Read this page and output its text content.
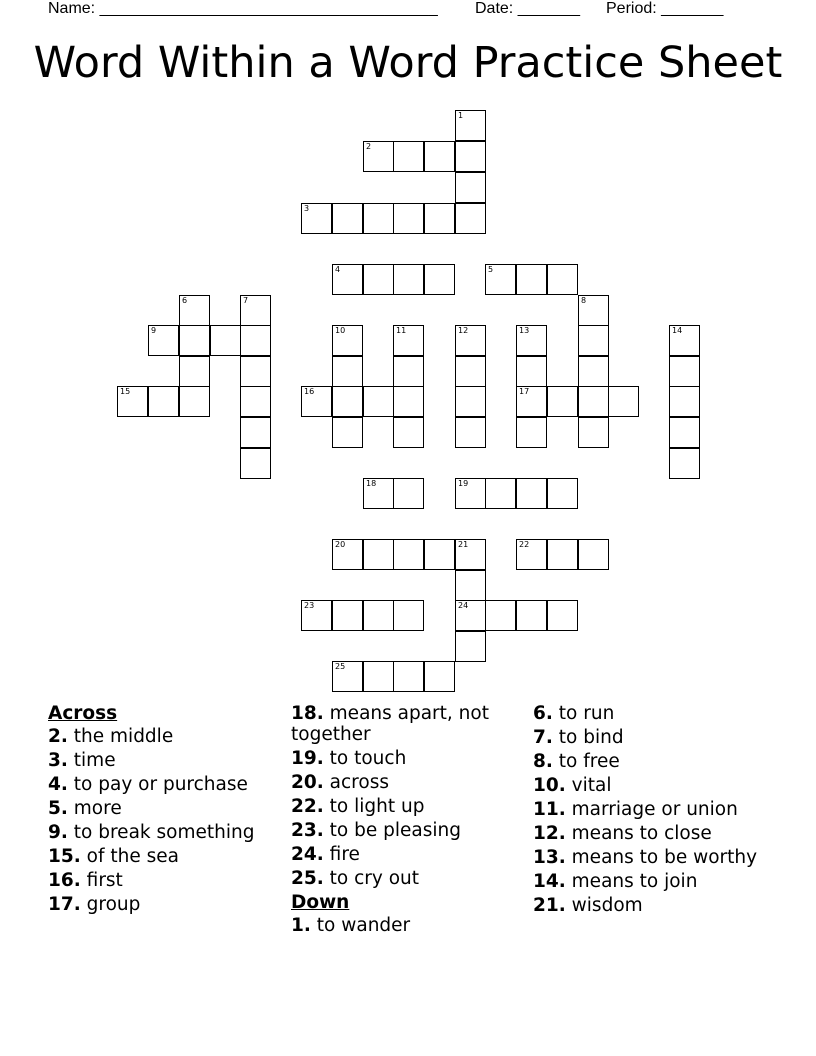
Name: ______________________________________

Date: _______

Period: _______

Word Within a Word Practice Sheet
1
2
3
4	5
6	7	8
9	10	11	12	13
17
14
15	16
18	19
20	21
24
22
23
25
Across
2. the middle
3. time
4. to pay or purchase
5. more
9. to break something
15. of the sea
16. first
17. group
18. means apart, not together
19. to touch
20. across
22. to light up
23. to be pleasing
24. fire
25. to cry out
Down
1. to wander
6. to run
7. to bind
8. to free
10. vital
11. marriage or union
12. means to close
13. means to be worthy
14. means to join
21. wisdom
